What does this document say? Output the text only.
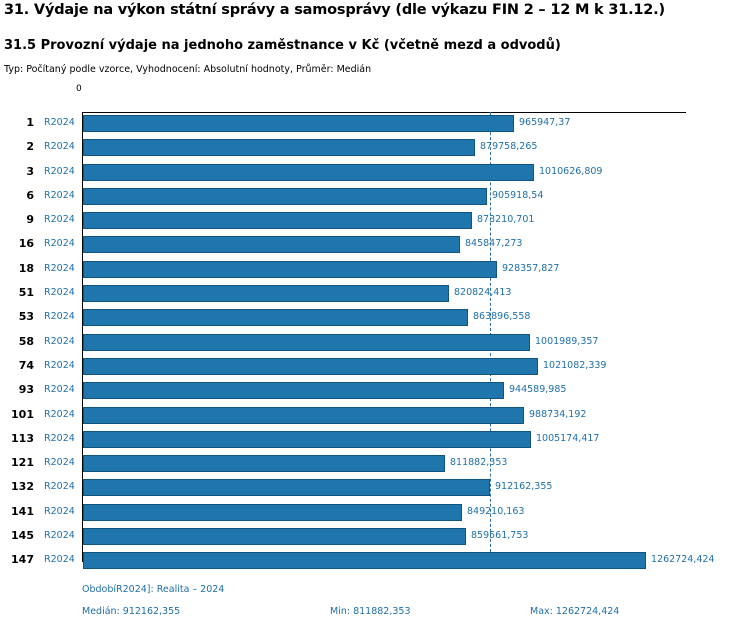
31. Výdaje na výkon státní správy a samosprávy (dle výkazu FIN 2 – 12 M k 31.12.)
31.5 Provozní výdaje na jednoho zaměstnance v Kč (včetně mezd a odvodů)
Typ: Počítaný podle vzorce, Vyhodnocení: Absolutní hodnoty, Průměr: Medián
0
1 R2024	965947,37
2 R2024	879758,265
3 R2024	1010626,809
6 R2024	905918,54
9 R2024	873210,701
16 R2024	845847,273
18 R2024	928357,827
51 R2024	820824,413
53 R2024	863896,558
58 R2024	1001989,357
74 R2024	1021082,339
93 R2024	944589,985
101 R2024	988734,192
113 R2024	1005174,417
121 R2024	811882,353
132 R2024	912162,355
141 R2024	849210,163
145 R2024	859561,753
147 R2024	1262724,424
ObdobíR2024]: Realita – 2024
Medián: 912162,355	Min: 811882,353	Max: 1262724,424
